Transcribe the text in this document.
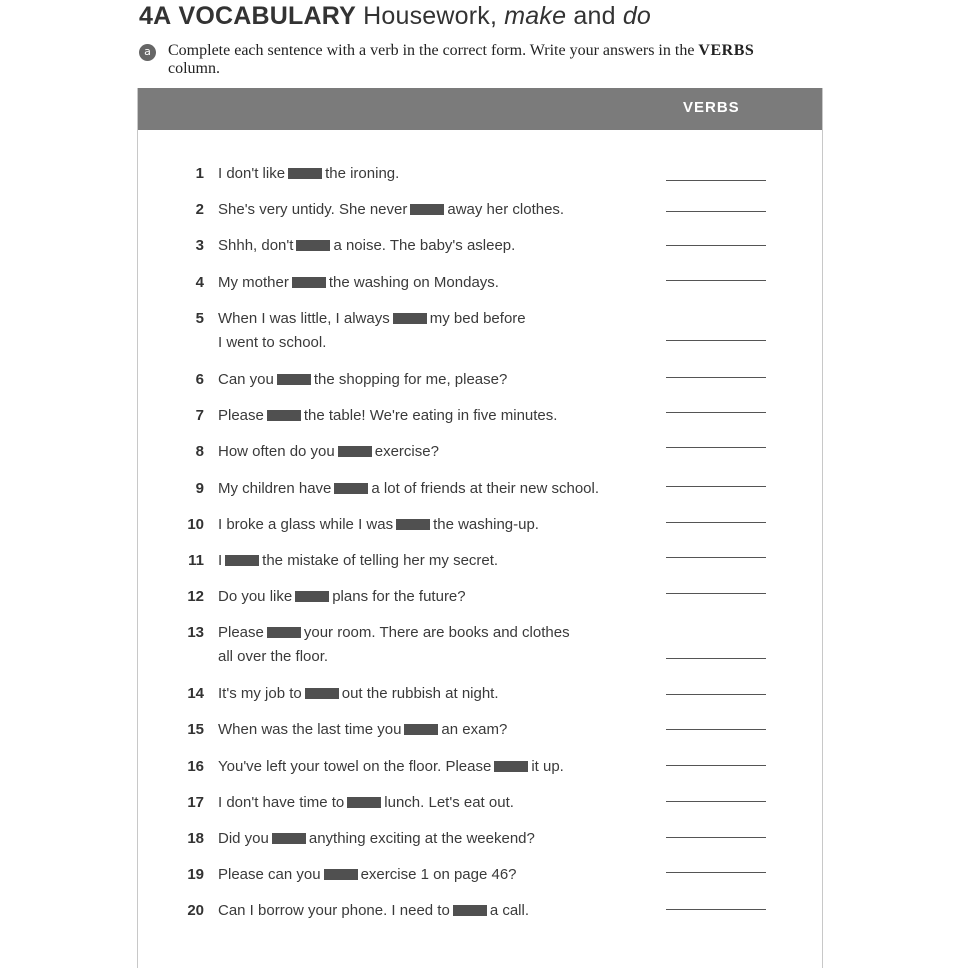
4A VOCABULARY Housework, make and do
a	Complete each sentence with a verb in the correct form. Write your answers in the VERBS column.
VERBS
1 I don't like	the ironing.
2 She's very untidy. She never	away her clothes.
3 Shhh, don't	a noise. The baby's asleep.
4 My mother	the washing on Mondays.
5 When I was little, I always	my bed before
I went to school.
6 Can you	the shopping for me, please?
7 Please	the table! We're eating in five minutes.
8 How often do you	exercise?
9 My children have	a lot of friends at their new school.
10 I broke a glass while I was	the washing-up.
11 I	the mistake of telling her my secret.
12 Do you like	plans for the future?
13 Please	your room. There are books and clothes
all over the floor.
14 It's my job to	out the rubbish at night.
15 When was the last time you	an exam?
16 You've left your towel on the floor. Please	it up.
17 I don't have time to	lunch. Let's eat out.
18 Did you	anything exciting at the weekend?
19 Please can you	exercise 1 on page 46?
20 Can I borrow your phone. I need to	a call.
